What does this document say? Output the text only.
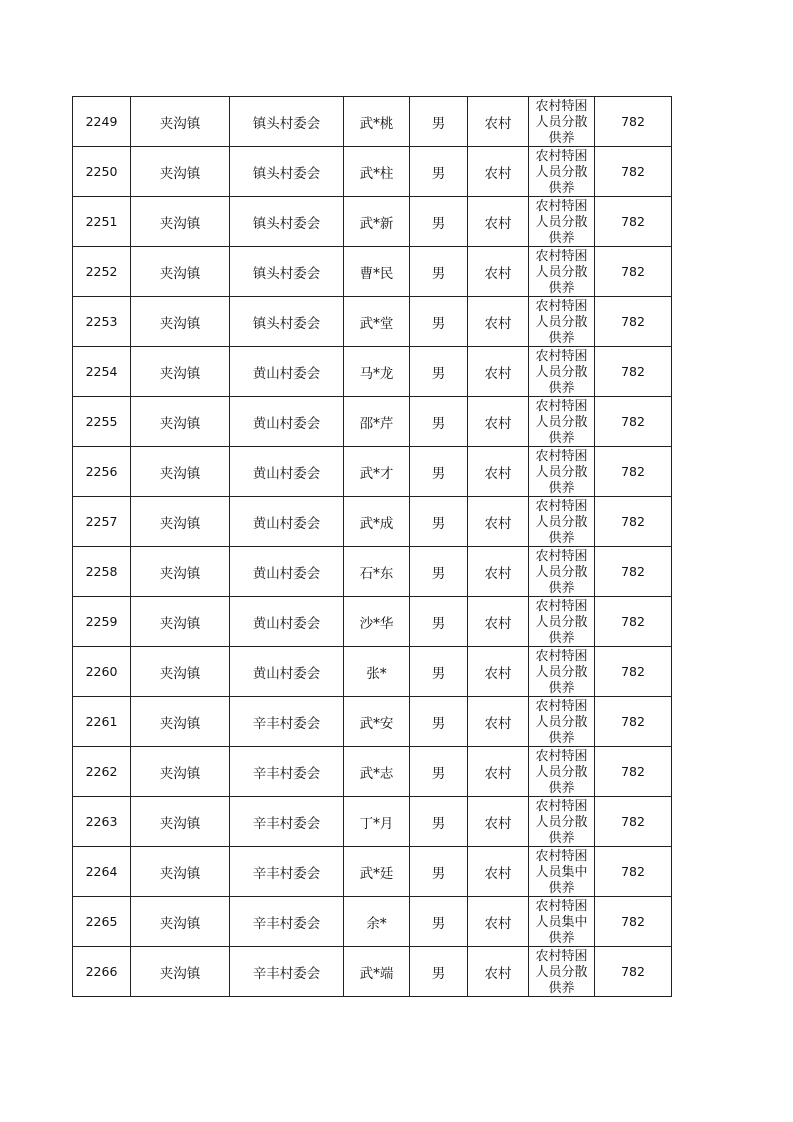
2249	夹沟镇	镇头村委会	武*桃	男	农村	农村特困人员分散供养	782
2250	夹沟镇	镇头村委会	武*柱	男	农村	农村特困人员分散供养	782
2251	夹沟镇	镇头村委会	武*新	男	农村	农村特困人员分散供养	782
2252	夹沟镇	镇头村委会	曹*民	男	农村	农村特困人员分散供养	782
2253	夹沟镇	镇头村委会	武*堂	男	农村	农村特困人员分散供养	782
2254	夹沟镇	黄山村委会	马*龙	男	农村	农村特困人员分散供养	782
2255	夹沟镇	黄山村委会	邵*芹	男	农村	农村特困人员分散供养	782
2256	夹沟镇	黄山村委会	武*才	男	农村	农村特困人员分散供养	782
2257	夹沟镇	黄山村委会	武*成	男	农村	农村特困人员分散供养	782
2258	夹沟镇	黄山村委会	石*东	男	农村	农村特困人员分散供养	782
2259	夹沟镇	黄山村委会	沙*华	男	农村	农村特困人员分散供养	782
2260	夹沟镇	黄山村委会	张*	男	农村	农村特困人员分散供养	782
2261	夹沟镇	辛丰村委会	武*安	男	农村	农村特困人员分散供养	782
2262	夹沟镇	辛丰村委会	武*志	男	农村	农村特困人员分散供养	782
2263	夹沟镇	辛丰村委会	丁*月	男	农村	农村特困人员分散供养	782
2264	夹沟镇	辛丰村委会	武*廷	男	农村	农村特困人员集中供养	782
2265	夹沟镇	辛丰村委会	余*	男	农村	农村特困人员集中供养	782
2266	夹沟镇	辛丰村委会	武*端	男	农村	农村特困人员分散供养	782
